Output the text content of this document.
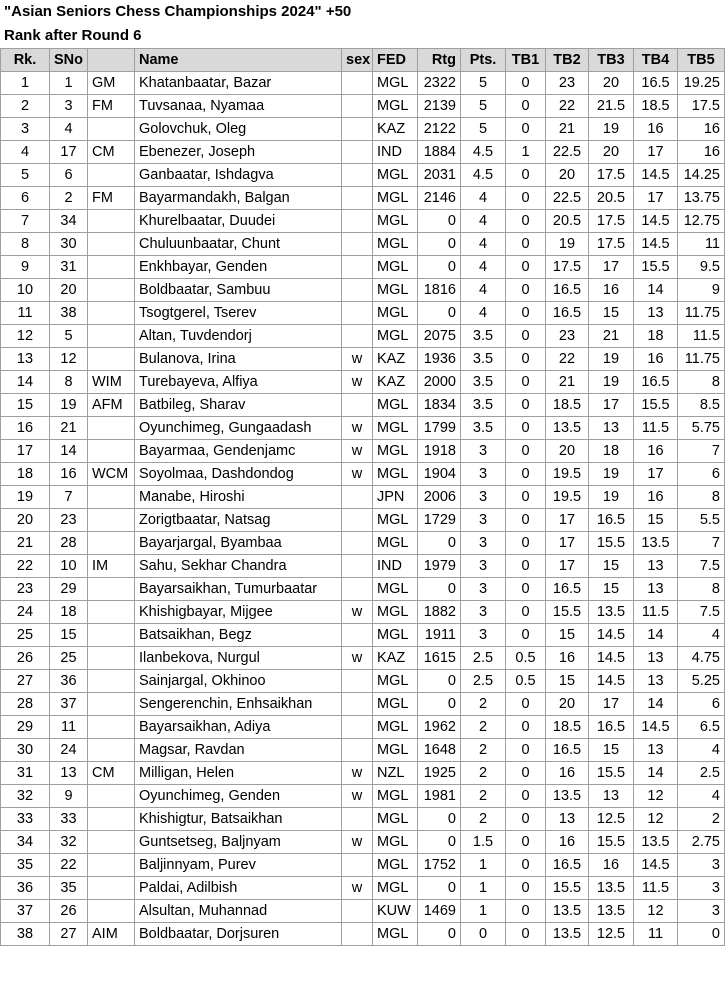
"Asian Seniors Chess Championships 2024" +50
Rank after Round 6
Rk.	SNo		Name	sex	FED	Rtg	Pts.	TB1	TB2	TB3	TB4	TB5
1	1	GM	Khatanbaatar, Bazar		MGL	2322	5	0	23	20	16.5	19.25
2	3	FM	Tuvsanaa, Nyamaa		MGL	2139	5	0	22	21.5	18.5	17.5
3	4		Golovchuk, Oleg		KAZ	2122	5	0	21	19	16	16
4	17	CM	Ebenezer, Joseph		IND	1884	4.5	1	22.5	20	17	16
5	6		Ganbaatar, Ishdagva		MGL	2031	4.5	0	20	17.5	14.5	14.25
6	2	FM	Bayarmandakh, Balgan		MGL	2146	4	0	22.5	20.5	17	13.75
7	34		Khurelbaatar, Duudei		MGL	0	4	0	20.5	17.5	14.5	12.75
8	30		Chuluunbaatar, Chunt		MGL	0	4	0	19	17.5	14.5	11
9	31		Enkhbayar, Genden		MGL	0	4	0	17.5	17	15.5	9.5
10	20		Boldbaatar, Sambuu		MGL	1816	4	0	16.5	16	14	9
11	38		Tsogtgerel, Tserev		MGL	0	4	0	16.5	15	13	11.75
12	5		Altan, Tuvdendorj		MGL	2075	3.5	0	23	21	18	11.5
13	12		Bulanova, Irina	w	KAZ	1936	3.5	0	22	19	16	11.75
14	8	WIM	Turebayeva, Alfiya	w	KAZ	2000	3.5	0	21	19	16.5	8
15	19	AFM	Batbileg, Sharav		MGL	1834	3.5	0	18.5	17	15.5	8.5
16	21		Oyunchimeg, Gungaadash	w	MGL	1799	3.5	0	13.5	13	11.5	5.75
17	14		Bayarmaa, Gendenjamc	w	MGL	1918	3	0	20	18	16	7
18	16	WCM	Soyolmaa, Dashdondog	w	MGL	1904	3	0	19.5	19	17	6
19	7		Manabe, Hiroshi		JPN	2006	3	0	19.5	19	16	8
20	23		Zorigtbaatar, Natsag		MGL	1729	3	0	17	16.5	15	5.5
21	28		Bayarjargal, Byambaa		MGL	0	3	0	17	15.5	13.5	7
22	10	IM	Sahu, Sekhar Chandra		IND	1979	3	0	17	15	13	7.5
23	29		Bayarsaikhan, Tumurbaatar		MGL	0	3	0	16.5	15	13	8
24	18		Khishigbayar, Mijgee	w	MGL	1882	3	0	15.5	13.5	11.5	7.5
25	15		Batsaikhan, Begz		MGL	1911	3	0	15	14.5	14	4
26	25		Ilanbekova, Nurgul	w	KAZ	1615	2.5	0.5	16	14.5	13	4.75
27	36		Sainjargal, Okhinoo		MGL	0	2.5	0.5	15	14.5	13	5.25
28	37		Sengerenchin, Enhsaikhan		MGL	0	2	0	20	17	14	6
29	11		Bayarsaikhan, Adiya		MGL	1962	2	0	18.5	16.5	14.5	6.5
30	24		Magsar, Ravdan		MGL	1648	2	0	16.5	15	13	4
31	13	CM	Milligan, Helen	w	NZL	1925	2	0	16	15.5	14	2.5
32	9		Oyunchimeg, Genden	w	MGL	1981	2	0	13.5	13	12	4
33	33		Khishigtur, Batsaikhan		MGL	0	2	0	13	12.5	12	2
34	32		Guntsetseg, Baljnyam	w	MGL	0	1.5	0	16	15.5	13.5	2.75
35	22		Baljinnyam, Purev		MGL	1752	1	0	16.5	16	14.5	3
36	35		Paldai, Adilbish	w	MGL	0	1	0	15.5	13.5	11.5	3
37	26		Alsultan, Muhannad		KUW	1469	1	0	13.5	13.5	12	3
38	27	AIM	Boldbaatar, Dorjsuren		MGL	0	0	0	13.5	12.5	11	0
